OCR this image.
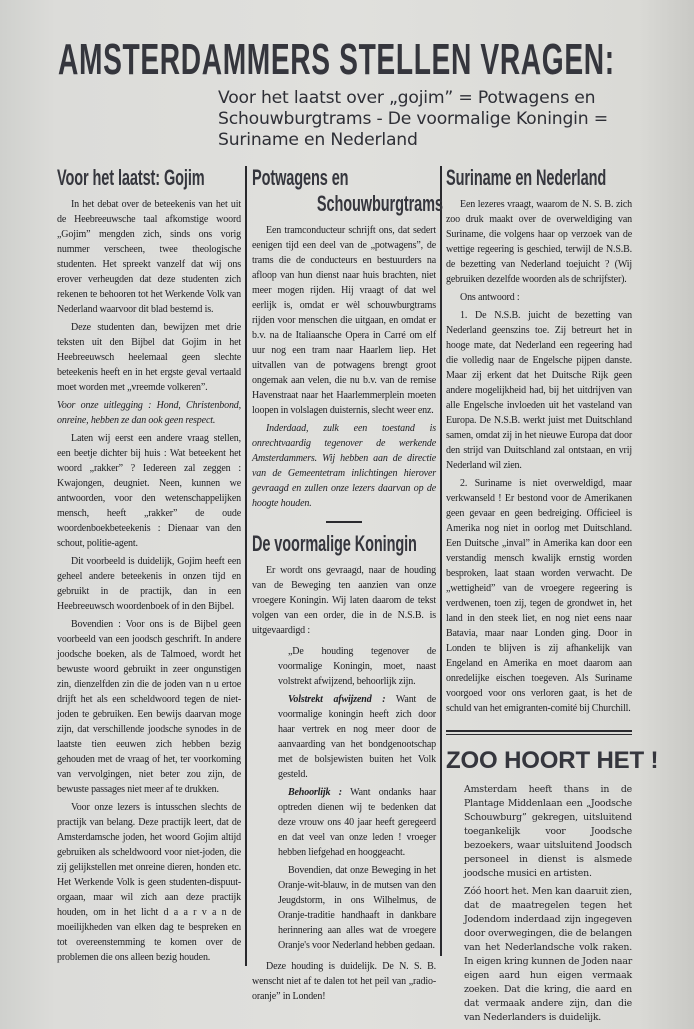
AMSTERDAMMERS STELLEN VRAGEN:
Voor het laatst over „gojim” = Potwagens en Schouwburgtrams - De voormalige Koningin = Suriname en Nederland
Voor het laatst: Gojim

In het debat over de beteekenis van het uit de Heebreeuwsche taal afkomstige woord „Gojim” mengden zich, sinds ons vorig nummer verscheen, twee theologische studenten. Het spreekt vanzelf dat wij ons erover verheugden dat deze studenten zich rekenen te behooren tot het Werkende Volk van Nederland waarvoor dit blad bestemd is.

Deze studenten dan, bewijzen met drie teksten uit den Bijbel dat Gojim in het Heebreeuwsch heelemaal geen slechte beteekenis heeft en in het ergste geval vertaald moet worden met „vreemde volkeren”.

Voor onze uitlegging : Hond, Christenbond, onreine, hebben ze dan ook geen respect.

Laten wij eerst een andere vraag stellen, een beetje dichter bij huis : Wat beteekent het woord „rakker” ? Iedereen zal zeggen : Kwajongen, deugniet. Neen, kunnen we antwoorden, voor den wetenschappelijken mensch, heeft „rakker” de oude woordenboekbeteekenis : Dienaar van den schout, politie-agent.

Dit voorbeeld is duidelijk, Gojim heeft een geheel andere beteekenis in onzen tijd en gebruikt in de practijk, dan in een Heebreeuwsch woordenboek of in den Bijbel.

Bovendien : Voor ons is de Bijbel geen voorbeeld van een joodsch geschrift. In andere joodsche boeken, als de Talmoed, wordt het bewuste woord gebruikt in zeer ongunstigen zin, dienzelfden zin die de joden van n u ertoe drijft het als een scheldwoord tegen de niet-joden te gebruiken. Een bewijs daarvan moge zijn, dat verschillende joodsche synodes in de laatste tien eeuwen zich hebben bezig gehouden met de vraag of het, ter voorkoming van vervolgingen, niet beter zou zijn, de bewuste passages niet meer af te drukken.

Voor onze lezers is intusschen slechts de practijk van belang. Deze practijk leert, dat de Amsterdamsche joden, het woord Gojim altijd gebruiken als scheldwoord voor niet-joden, die zij gelijkstellen met onreine dieren, honden etc. Het Werkende Volk is geen studenten-dispuut-orgaan, maar wil zich aan deze practijk houden, om in het licht d a a r v a n de moeilijkheden van elken dag te bespreken en tot overeenstemming te komen over de problemen die ons alleen bezig houden.

Potwagens en
Schouwburgtrams

Een tramconducteur schrijft ons, dat sedert eenigen tijd een deel van de „potwagens”, de trams die de conducteurs en bestuurders na afloop van hun dienst naar huis brachten, niet meer mogen rijden. Hij vraagt of dat wel eerlijk is, omdat er wèl schouwburgtrams rijden voor menschen die uitgaan, en omdat er b.v. na de Italiaansche Opera in Carré om elf uur nog een tram naar Haarlem liep. Het uitvallen van de potwagens brengt groot ongemak aan velen, die nu b.v. van de remise Havenstraat naar het Haarlemmerplein moeten loopen in volslagen duisternis, slecht weer enz.

Inderdaad, zulk een toestand is onrechtvaardig tegenover de werkende Amsterdammers. Wij hebben aan de directie van de Gemeentetram inlichtingen hierover gevraagd en zullen onze lezers daarvan op de hoogte houden.

De voormalige Koningin

Er wordt ons gevraagd, naar de houding van de Beweging ten aanzien van onze vroegere Koningin. Wij laten daarom de tekst volgen van een order, die in de N.S.B. is uitgevaardigd :

„De houding tegenover de voormalige Koningin, moet, naast volstrekt afwijzend, behoorlijk zijn.

Volstrekt afwijzend : Want de voormalige koningin heeft zich door haar vertrek en nog meer door de aanvaarding van het bondgenootschap met de bolsjewisten buiten het Volk gesteld.

Behoorlijk : Want ondanks haar optreden dienen wij te bedenken dat deze vrouw ons 40 jaar heeft geregeerd en dat veel van onze leden ! vroeger hebben liefgehad en hooggeacht.

Bovendien, dat onze Beweging in het Oranje-wit-blauw, in de mutsen van den Jeugdstorm, in ons Wilhelmus, de Oranje-traditie handhaaft in dankbare herinnering aan alles wat de vroegere Oranje's voor Nederland hebben gedaan.

Deze houding is duidelijk. De N. S. B. wenscht niet af te dalen tot het peil van „radio-oranje” in Londen!

Suriname en Nederland

Een lezeres vraagt, waarom de N. S. B. zich zoo druk maakt over de overweldiging van Suriname, die volgens haar op verzoek van de wettige regeering is geschied, terwijl de N.S.B. de bezetting van Nederland toejuicht ? (Wij gebruiken dezelfde woorden als de schrijfster).

Ons antwoord :

1. De N.S.B. juicht de bezetting van Nederland geenszins toe. Zij betreurt het in hooge mate, dat Nederland een regeering had die volledig naar de Engelsche pijpen danste. Maar zij erkent dat het Duitsche Rijk geen andere mogelijkheid had, bij het uitdrijven van alle Engelsche invloeden uit het vasteland van Europa. De N.S.B. werkt juist met Duitschland samen, omdat zij in het nieuwe Europa dat door den strijd van Duitschland zal ontstaan, en vrij Nederland wil zien.

2. Suriname is niet overweldigd, maar verkwanseld ! Er bestond voor de Amerikanen geen gevaar en geen bedreiging. Officieel is Amerika nog niet in oorlog met Duitschland. Een Duitsche „inval” in Amerika kan door een verstandig mensch kwalijk ernstig worden besproken, laat staan worden verwacht. De „wettigheid” van de vroegere regeering is verdwenen, toen zij, tegen de grondwet in, het land in den steek liet, en nog niet eens naar Batavia, maar naar Londen ging. Door in Londen te blijven is zij afhankelijk van Engeland en Amerika en moet daarom aan onredelijke eischen toegeven. Als Suriname voorgoed voor ons verloren gaat, is het de schuld van het emigranten-comité bij Churchill.

ZOO HOORT HET !

Amsterdam heeft thans in de Plantage Middenlaan een „Joodsche Schouwburg” gekregen, uitsluitend toegankelijk voor Joodsche bezoekers, waar uitsluitend Joodsch personeel in dienst is alsmede joodsche musici en artisten.

Zóó hoort het. Men kan daaruit zien, dat de maatregelen tegen het Jodendom inderdaad zijn ingegeven door overwegingen, die de belangen van het Nederlandsche volk raken. In eigen kring kunnen de Joden naar eigen aard hun eigen vermaak zoeken. Dat die kring, die aard en dat vermaak andere zijn, dan die van Nederlanders is duidelijk.
